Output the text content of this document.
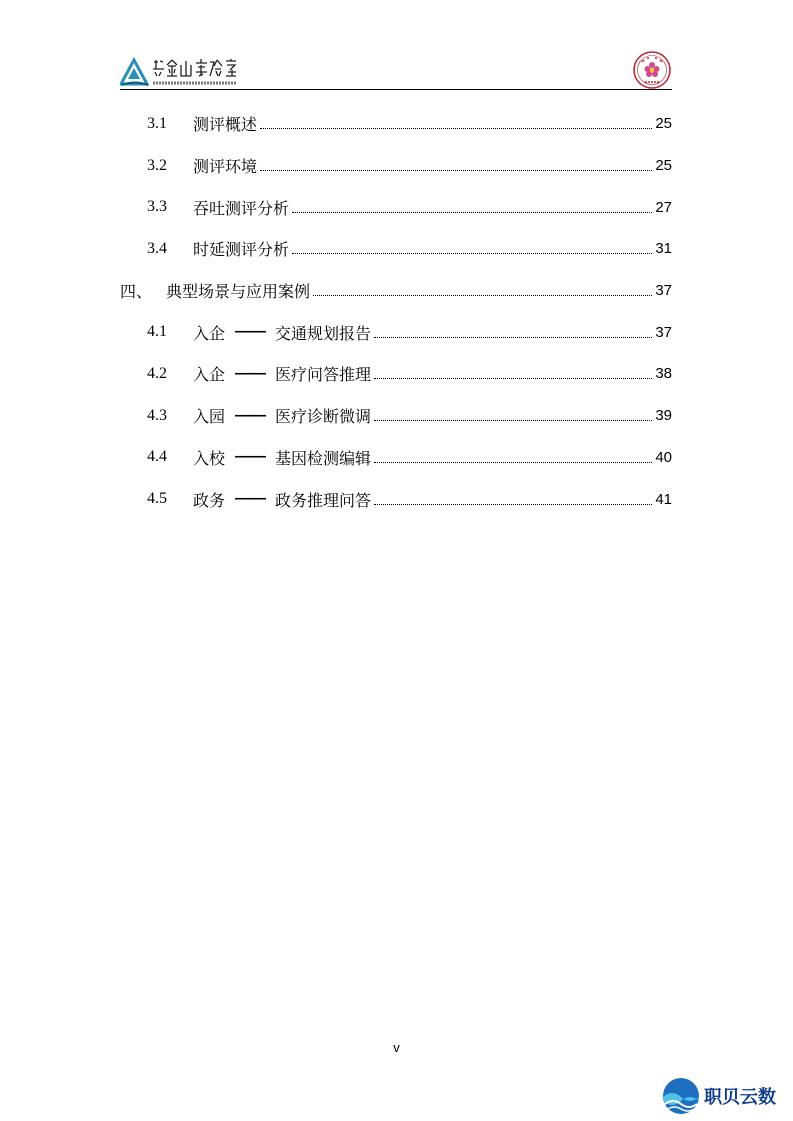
3.1	测评概述	25
3.2	测评环境	25
3.3	吞吐测评分析	27
3.4	时延测评分析	31
四、 典型场景与应用案例	37
4.1	入企 —— 交通规划报告	37
4.2	入企 —— 医疗问答推理	38
4.3	入园 —— 医疗诊断微调	39
4.4	入校 —— 基因检测编辑	40
4.5	政务 —— 政务推理问答	41
v
职贝云数
